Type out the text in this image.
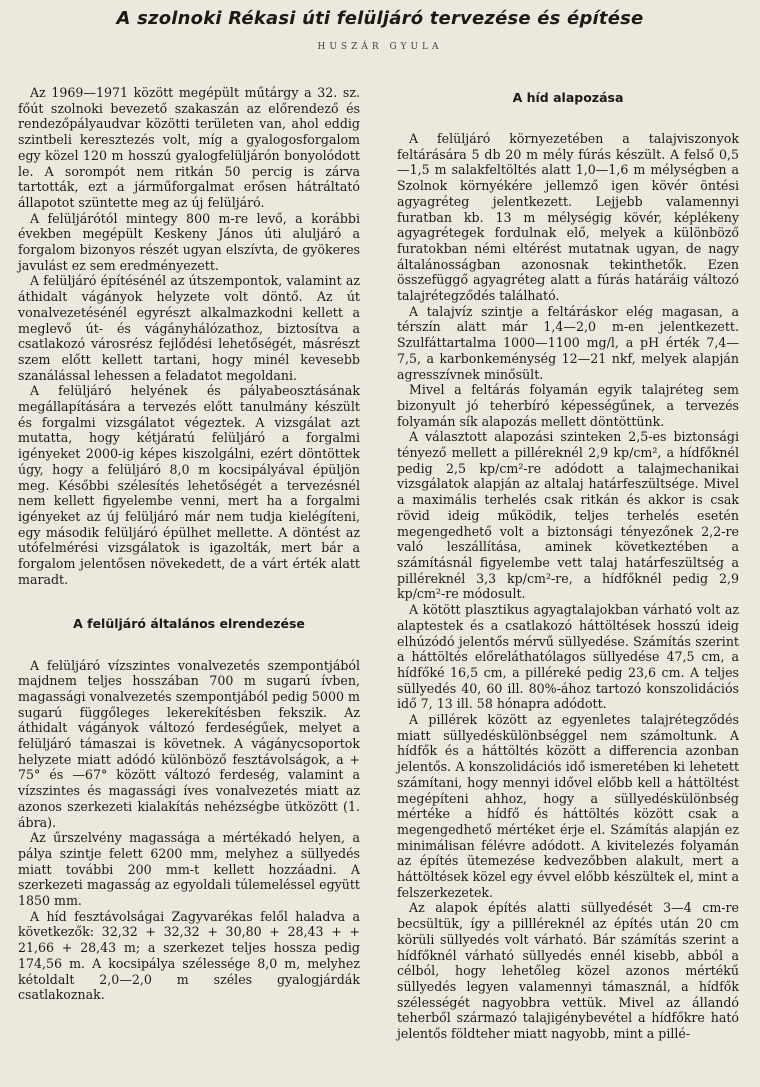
A szolnoki Rékasi úti felüljáró tervezése és építése
HUSZÁR GYULA

Az 1969—1971 között megépült műtárgy a 32. sz. főút szolnoki bevezető szakaszán az előrendező és rendezőpályaudvar közötti területen van, ahol eddig szintbeli keresztezés volt, míg a gyalogosforgalom egy közel 120 m hosszú gyalogfelüljárón bonyolódott le. A sorompót nem ritkán 50 percig is zárva tartották, ezt a járműforgalmat erősen hátráltató állapotot szüntette meg az új felüljáró.

A felüljárótól mintegy 800 m-re levő, a korábbi években megépült Keskeny János úti aluljáró a forgalom bizonyos részét ugyan elszívta, de gyökeres javulást ez sem eredményezett.

A felüljáró építésénél az útszempontok, valamint az áthidalt vágányok helyzete volt döntő. Az út vonalvezetésénél egyrészt alkalmazkodni kellett a meglevő út- és vágányhálózathoz, biztosítva a csatlakozó városrész fejlődési lehetőségét, másrészt szem előtt kellett tartani, hogy minél kevesebb szanálással lehessen a feladatot megoldani.

A felüljáró helyének és pályabeosztásának megállapítására a tervezés előtt tanulmány készült és forgalmi vizsgálatot végeztek. A vizsgálat azt mutatta, hogy kétjáratú felüljáró a forgalmi igényeket 2000-ig képes kiszolgálni, ezért döntöttek úgy, hogy a felüljáró 8,0 m kocsipályával épüljön meg. Későbbi szélesítés lehetőségét a tervezésnél nem kellett figyelembe venni, mert ha a forgalmi igényeket az új felüljáró már nem tudja kielégíteni, egy második felüljáró épülhet mellette. A döntést az utófelmérési vizsgálatok is igazolták, mert bár a forgalom jelentősen növekedett, de a várt érték alatt maradt.

A felüljáró általános elrendezése

A felüljáró vízszintes vonalvezetés szempontjából majdnem teljes hosszában 700 m sugarú ívben, magassági vonalvezetés szempontjából pedig 5000 m sugarú függőleges lekerekítésben fekszik. Az áthidalt vágányok változó ferdeségűek, melyet a felüljáró támaszai is követnek. A vágánycsoportok helyzete miatt adódó különböző fesztávolságok, a + 75° és —67° között változó ferdeség, valamint a vízszintes és magassági íves vonalvezetés miatt az azonos szerkezeti kialakítás nehézségbe ütközött (1. ábra).

Az űrszelvény magassága a mértékadó helyen, a pálya szintje felett 6200 mm, melyhez a süllyedés miatt további 200 mm-t kellett hozzáadni. A szerkezeti magasság az egyoldali túlemeléssel együtt 1850 mm.

A híd fesztávolságai Zagyvarékas felől haladva a következők: 32,32 + 32,32 + 30,80 + 28,43 + + 21,66 + 28,43 m; a szerkezet teljes hossza pedig 174,56 m. A kocsipálya szélessége 8,0 m, melyhez kétoldalt 2,0—2,0 m széles gyalogjárdák csatlakoznak.

A híd alapozása

A felüljáró környezetében a talajviszonyok feltárására 5 db 20 m mély fúrás készült. A felső 0,5—1,5 m salakfeltöltés alatt 1,0—1,6 m mélységben a Szolnok környékére jellemző igen kövér öntési agyagréteg jelentkezett. Lejjebb valamennyi furatban kb. 13 m mélységig kövér, képlékeny agyagrétegek fordulnak elő, melyek a különböző furatokban némi eltérést mutatnak ugyan, de nagy általánosságban azonosnak tekinthetők. Ezen összefüggő agyagréteg alatt a fúrás határáig változó talajrétegződés található.

A talajvíz szintje a feltáráskor elég magasan, a térszín alatt már 1,4—2,0 m-en jelentkezett. Szulfáttartalma 1000—1100 mg/l, a pH érték 7,4—7,5, a karbonkeménység 12—21 nkf, melyek alapján agresszívnek minősült.

Mivel a feltárás folyamán egyik talajréteg sem bizonyult jó teherbíró képességűnek, a tervezés folyamán sík alapozás mellett döntöttünk.

A választott alapozási szinteken 2,5-es biztonsági tényező mellett a pilléreknél 2,9 kp/cm², a hídfőknél pedig 2,5 kp/cm²-re adódott a talajmechanikai vizsgálatok alapján az altalaj határfeszültsége. Mivel a maximális terhelés csak ritkán és akkor is csak rövid ideig működik, teljes terhelés esetén megengedhető volt a biztonsági tényezőnek 2,2-re való leszállítása, aminek következtében a számításnál figyelembe vett talaj határfeszültség a pilléreknél 3,3 kp/cm²-re, a hídfőknél pedig 2,9 kp/cm²-re módosult.

A kötött plasztikus agyagtalajokban várható volt az alaptestek és a csatlakozó háttöltések hosszú ideig elhúzódó jelentős mérvű süllyedése. Számítás szerint a háttöltés előreláthatólagos süllyedése 47,5 cm, a hídfőké 16,5 cm, a pilléreké pedig 23,6 cm. A teljes süllyedés 40, 60 ill. 80%-ához tartozó konszolidációs idő 7, 13 ill. 58 hónapra adódott.

A pillérek között az egyenletes talajrétegződés miatt süllyedéskülönbséggel nem számoltunk. A hídfők és a háttöltés között a differencia azonban jelentős. A konszolidációs idő ismeretében ki lehetett számítani, hogy mennyi idővel előbb kell a háttöltést megépíteni ahhoz, hogy a süllyedéskülönbség mértéke a hídfő és háttöltés között csak a megengedhető mértéket érje el. Számítás alapján ez minimálisan félévre adódott. A kivitelezés folyamán az építés ütemezése kedvezőbben alakult, mert a háttöltések közel egy évvel előbb készültek el, mint a felszerkezetek.

Az alapok építés alatti süllyedését 3—4 cm-re becsültük, így a pillléreknél az építés után 20 cm körüli süllyedés volt várható. Bár számítás szerint a hídfőknél várható süllyedés ennél kisebb, abból a célból, hogy lehetőleg közel azonos mértékű süllyedés legyen valamennyi támasznál, a hídfők szélességét nagyobbra vettük. Mivel az állandó teherből származó talajigénybevétel a hídfőkre ható jelentős földteher miatt nagyobb, mint a pillé-
